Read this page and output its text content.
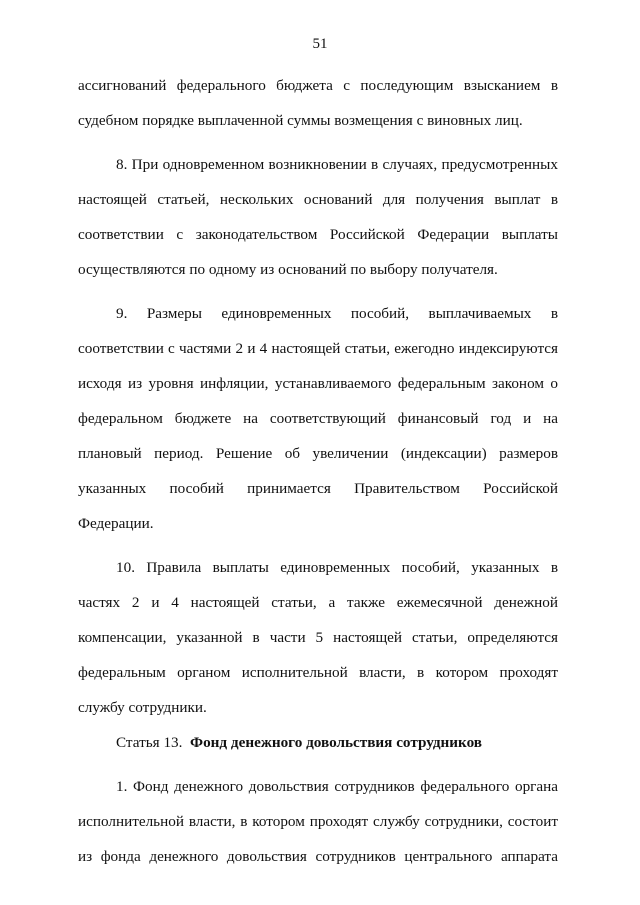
51

ассигнований федерального бюджета с последующим взысканием в судебном порядке выплаченной суммы возмещения с виновных лиц.

8. При одновременном возникновении в случаях, предусмотренных настоящей статьей, нескольких оснований для получения выплат в соответствии с законодательством Российской Федерации выплаты осуществляются по одному из оснований по выбору получателя.

9. Размеры единовременных пособий, выплачиваемых в соответствии с частями 2 и 4 настоящей статьи, ежегодно индексируются исходя из уровня инфляции, устанавливаемого федеральным законом о федеральном бюджете на соответствующий финансовый год и на плановый период. Решение об увеличении (индексации) размеров указанных пособий принимается Правительством Российской Федерации.

10. Правила выплаты единовременных пособий, указанных в частях 2 и 4 настоящей статьи, а также ежемесячной денежной компенсации, указанной в части 5 настоящей статьи, определяются федеральным органом исполнительной власти, в котором проходят службу сотрудники.

Статья 13. Фонд денежного довольствия сотрудников

1. Фонд денежного довольствия сотрудников федерального органа исполнительной власти, в котором проходят службу сотрудники, состоит из фонда денежного довольствия сотрудников центрального аппарата
